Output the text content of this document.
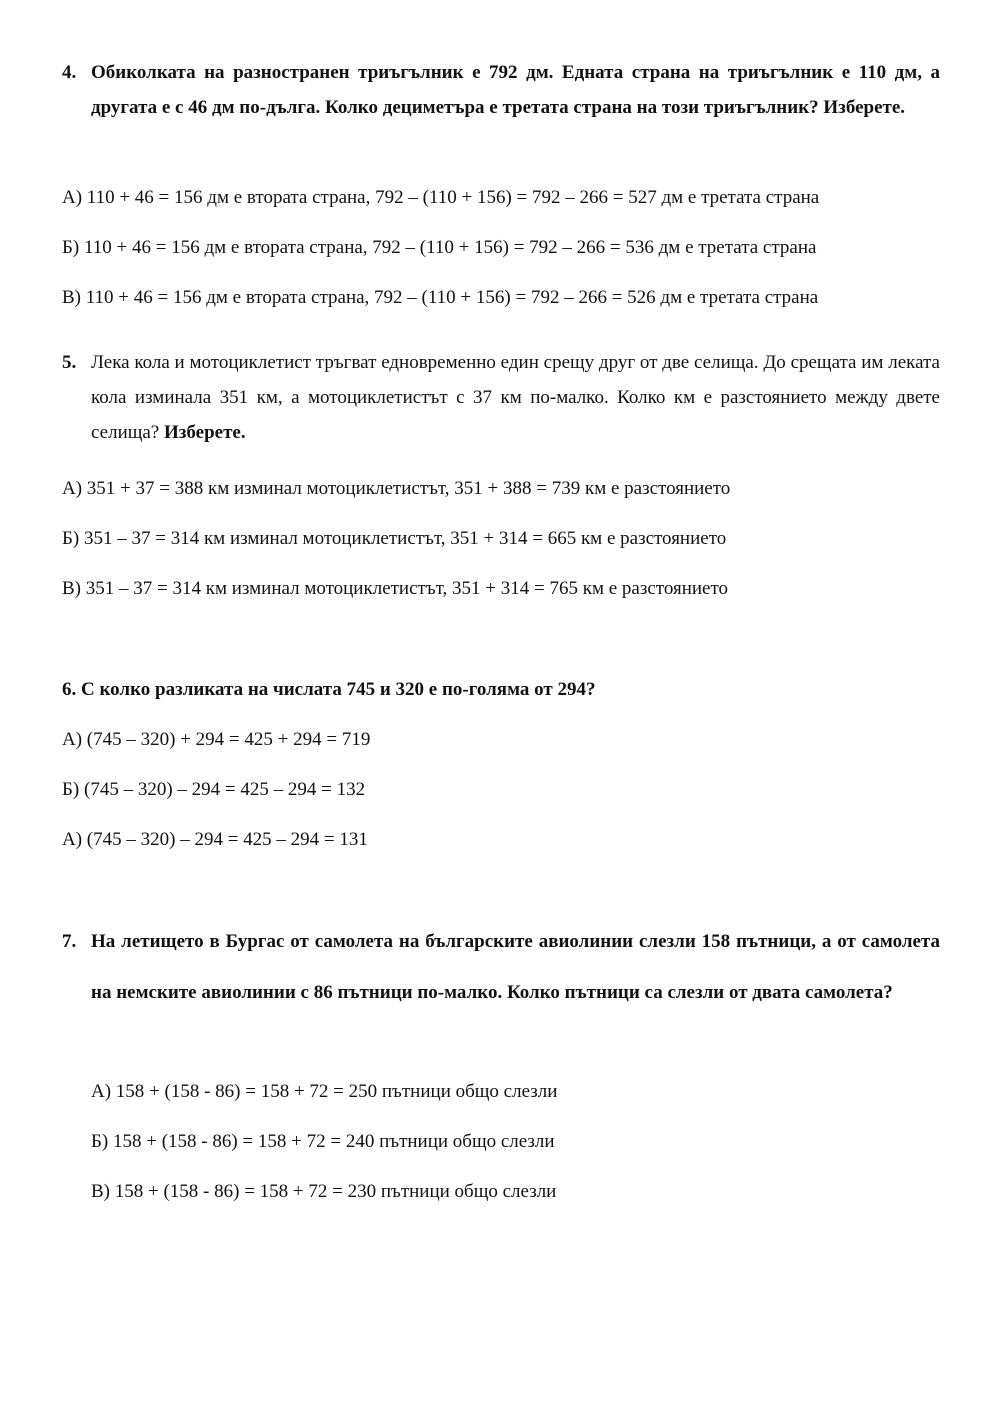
4. Обиколката на разностранен триъгълник е 792 дм. Едната страна на триъгълник е 110 дм, а другата е с 46 дм по-дълга. Колко дециметъра е третата страна на този триъгълник? Изберете.
А) 110 + 46 = 156 дм е втората страна, 792 – (110 + 156) = 792 – 266 = 527 дм е третата страна
Б) 110 + 46 = 156 дм е втората страна, 792 – (110 + 156) = 792 – 266 = 536 дм е третата страна
В) 110 + 46 = 156 дм е втората страна, 792 – (110 + 156) = 792 – 266 = 526 дм е третата страна
5. Лека кола и мотоциклетист тръгват едновременно един срещу друг от две селища. До срещата им леката кола изминала 351 км, а мотоциклетистът с 37 км по-малко. Колко км е разстоянието между двете селища? Изберете.
А) 351 + 37 = 388 км изминал мотоциклетистът, 351 + 388 = 739 км е разстоянието
Б) 351 – 37 = 314 км изминал мотоциклетистът, 351 + 314 = 665 км е разстоянието
В) 351 – 37 = 314 км изминал мотоциклетистът, 351 + 314 = 765 км е разстоянието
6. С колко разликата на числата 745 и 320 е по-голяма от 294?
А) (745 – 320) + 294 = 425 + 294 = 719
Б) (745 – 320) – 294 = 425 – 294 = 132
А) (745 – 320) – 294 = 425 – 294 = 131
7. На летището в Бургас от самолета на българските авиолинии слезли 158 пътници, а от самолета на немските авиолинии с 86 пътници по-малко. Колко пътници са слезли от двата самолета?
А) 158 + (158 - 86) = 158 + 72 = 250 пътници общо слезли
Б) 158 + (158 - 86) = 158 + 72 = 240 пътници общо слезли
В) 158 + (158 - 86) = 158 + 72 = 230 пътници общо слезли
